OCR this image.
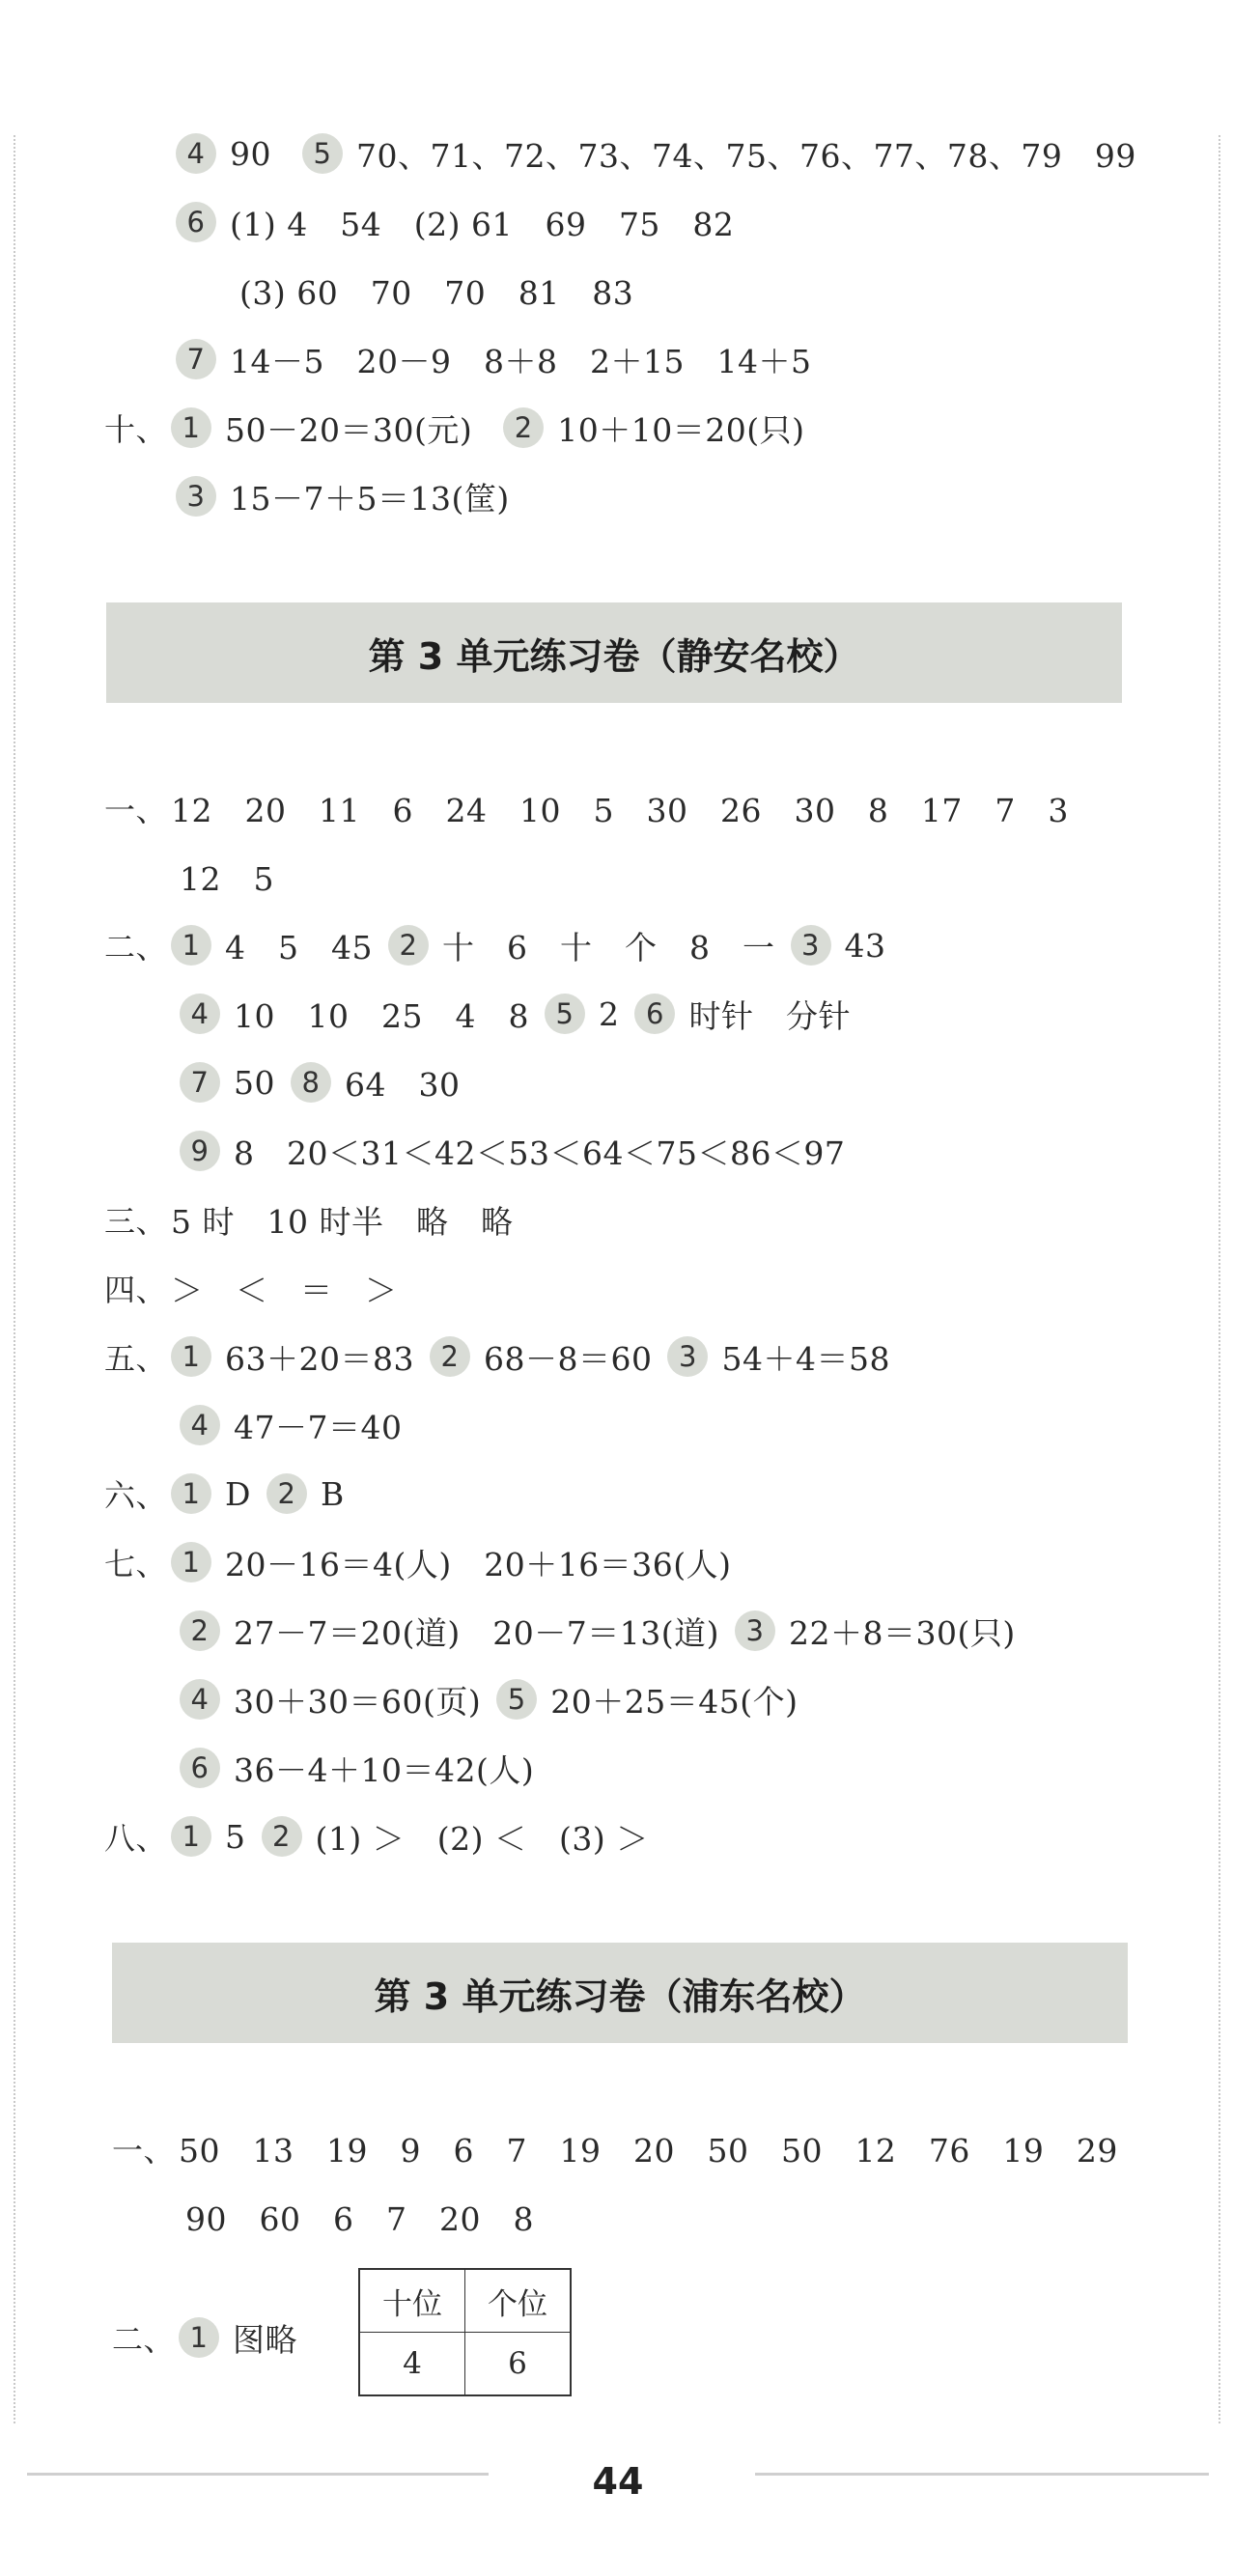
4 90	5 70、71、72、73、74、75、76、77、78、79　99
6 (1) 4　54　(2) 61　69　75　82
(3) 60　70　70　81　83
7 14－5　20－9　8＋8　2＋15　14＋5
十、 1 50－20＝30(元)	2 10＋10＝20(只)
3 15－7＋5＝13(筐)
第 3 单元练习卷（静安名校）
一、 12　20　11　6　24　10　5　30　26　30　8　17　7　3
12　5
二、 1 4　5　45 2 十　6　十　个　8　一 3 43
4 10　10　25　4　8 5 2 6 时针　分针
7 50 8 64　30
9 8　20＜31＜42＜53＜64＜75＜86＜97
三、 5 时　10 时半　略　略
四、 ＞　＜　＝　＞
五、 1 63＋20＝83 2 68－8＝60 3 54＋4＝58
4 47－7＝40
六、 1 D 2 B
七、 1 20－16＝4(人)　20＋16＝36(人)
2 27－7＝20(道)　20－7＝13(道) 3 22＋8＝30(只)
4 30＋30＝60(页) 5 20＋25＝45(个)
6 36－4＋10＝42(人)
八、 1 5 2 (1) ＞　(2) ＜　(3) ＞
第 3 单元练习卷（浦东名校）
一、 50　13　19　9　6　7　19　20　50　50　12　76　19　29
90　60　6　7　20　8
二、 1 图略
十位	个位
4	6
44
